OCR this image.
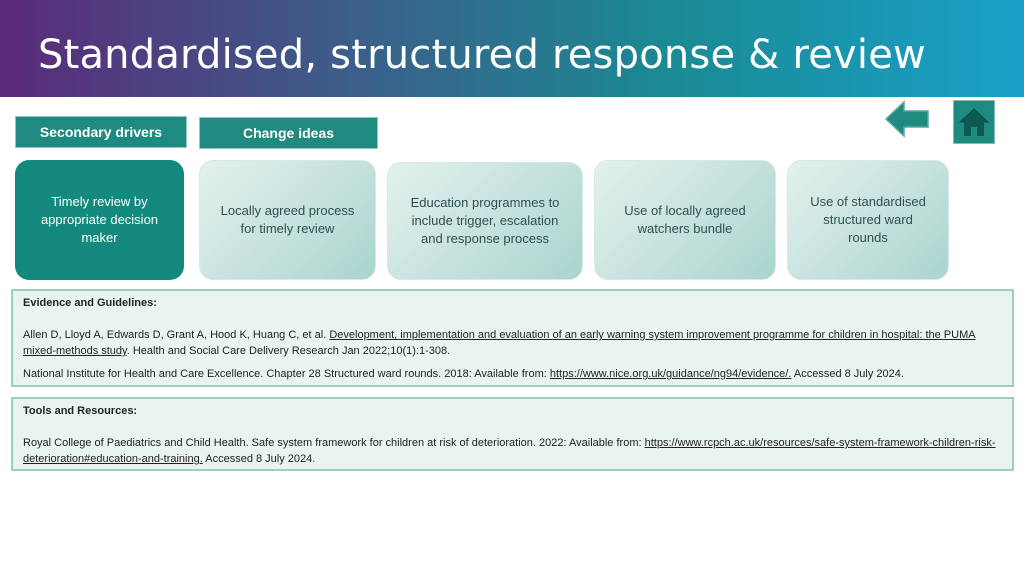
Standardised, structured response & review
Secondary drivers	Change ideas
Timely review by appropriate decision maker
Locally agreed process for timely review
Education programmes to include trigger, escalation and response process
Use of locally agreed watchers bundle
Use of standardised structured ward rounds
Evidence and Guidelines:

Allen D, Lloyd A, Edwards D, Grant A, Hood K, Huang C, et al. Development, implementation and evaluation of an early warning system improvement programme for children in hospital: the PUMA mixed-methods study. Health and Social Care Delivery Research Jan 2022;10(1):1-308.

National Institute for Health and Care Excellence. Chapter 28 Structured ward rounds. 2018: Available from: https://www.nice.org.uk/guidance/ng94/evidence/. Accessed 8 July 2024.

Tools and Resources:

Royal College of Paediatrics and Child Health. Safe system framework for children at risk of deterioration. 2022: Available from: https://www.rcpch.ac.uk/resources/safe-system-framework-children-risk-deterioration#education-and-training. Accessed 8 July 2024.
